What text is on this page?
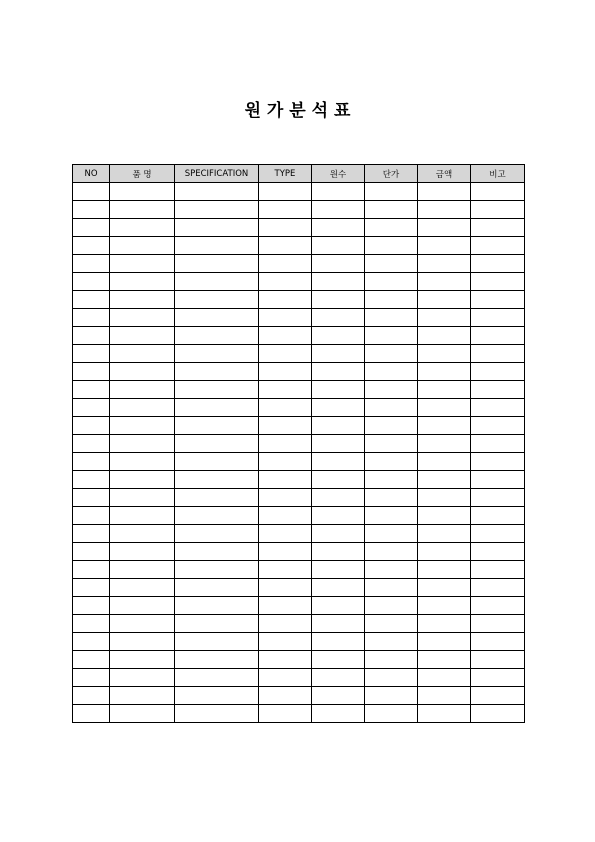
원 가 분 석 표
NO	품 명	SPECIFICATION	TYPE	원수	단가	금액	비고
